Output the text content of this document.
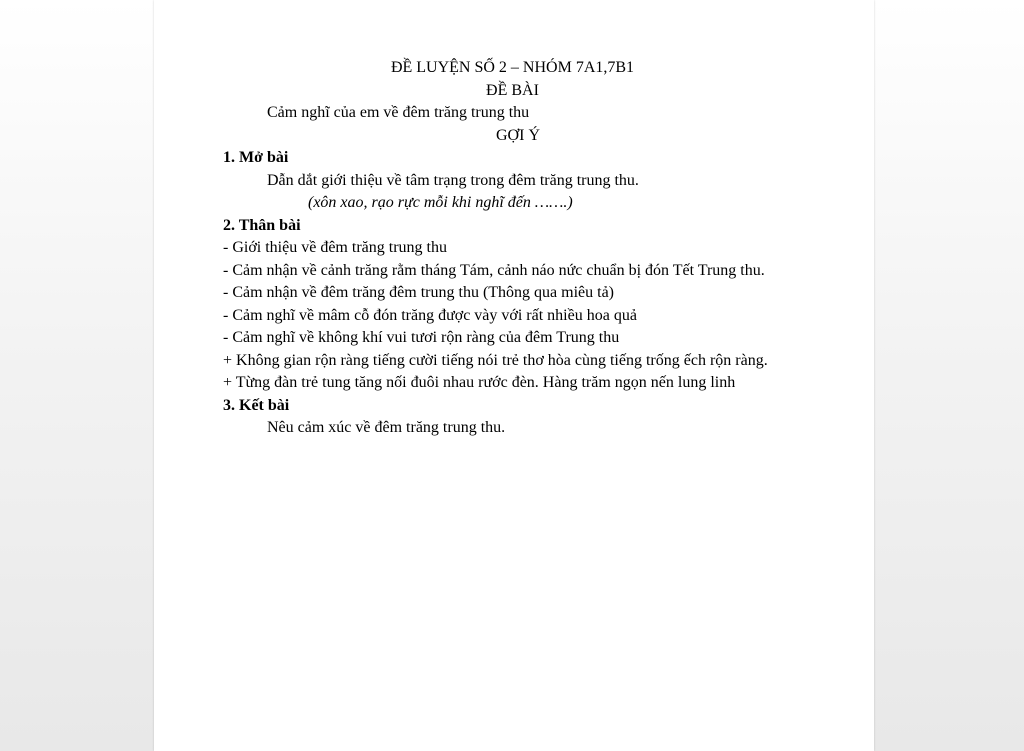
ĐỀ LUYỆN SỐ 2 – NHÓM 7A1,7B1
ĐỀ BÀI
Cảm nghĩ của em về đêm trăng trung thu
GỢI Ý
1. Mở bài
Dẫn dắt giới thiệu về tâm trạng trong đêm trăng trung thu.
(xôn xao, rạo rực mỗi khi nghĩ đến …….)
2. Thân bài
- Giới thiệu về đêm trăng trung thu
- Cảm nhận về cảnh trăng rằm tháng Tám, cảnh náo nức chuẩn bị đón Tết Trung thu.
- Cảm nhận về đêm trăng đêm trung thu (Thông qua miêu tả)
- Cảm nghĩ về mâm cỗ đón trăng được vày với rất nhiều hoa quả
- Cảm nghĩ về không khí vui tươi rộn ràng của đêm Trung thu
+ Không gian rộn ràng tiếng cười tiếng nói trẻ thơ hòa cùng tiếng trống ếch rộn ràng.
+ Từng đàn trẻ tung tăng nối đuôi nhau rước đèn. Hàng trăm ngọn nến lung linh
3. Kết bài
Nêu cảm xúc về đêm trăng trung thu.
